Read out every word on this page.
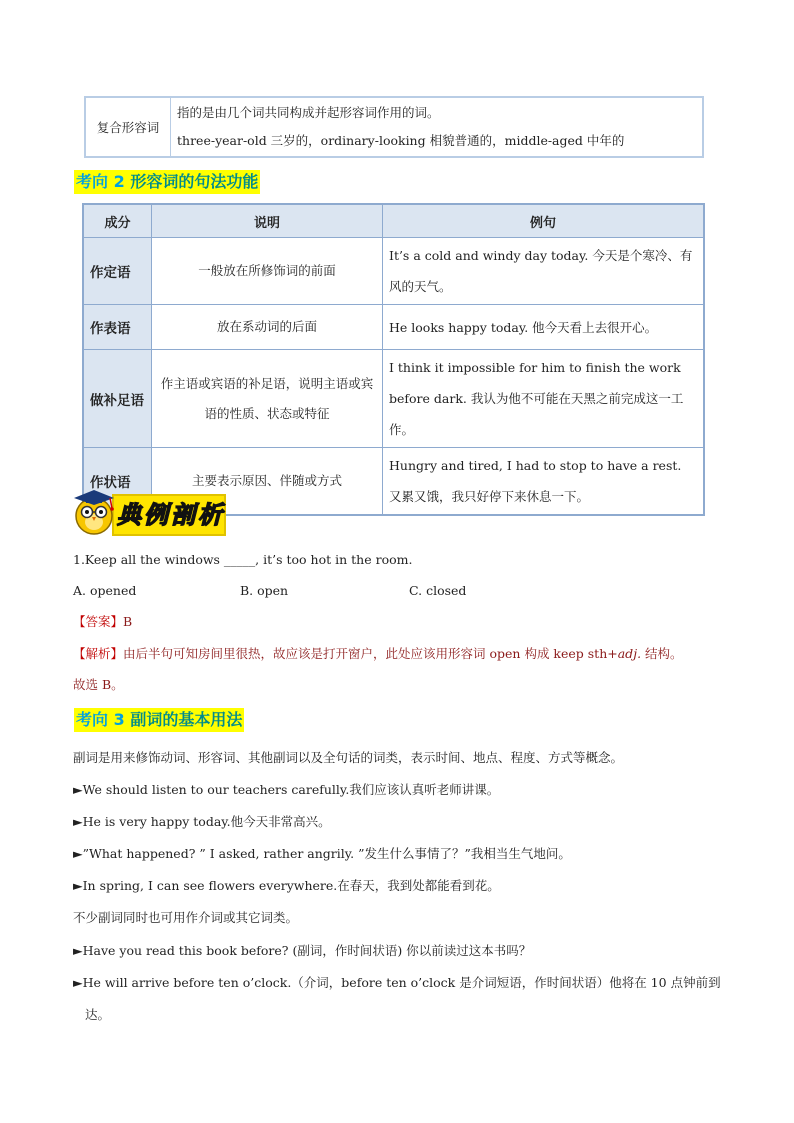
复合形容词	
指的是由几个词共同构成并起形容词作用的词。
three-year-old 三岁的，ordinary-looking 相貌普通的，middle-aged 中年的
考向 2 形容词的句法功能
成分	说明	例句
作定语	一般放在所修饰词的前面	It’s a cold and windy day today. 今天是个寒冷、有风的天气。
作表语	放在系动词的后面	He looks happy today. 他今天看上去很开心。
做补足语	作主语或宾语的补足语，说明主语或宾语的性质、状态或特征	I think it impossible for him to finish the work before dark. 我认为他不可能在天黑之前完成这一工作。
作状语	主要表示原因、伴随或方式	Hungry and tired, I had to stop to have a rest. 又累又饿，我只好停下来休息一下。
典例剖析
1.Keep all the windows _____, it’s too hot in the room.
A. opened	B. open	C. closed
【答案】B
【解析】由后半句可知房间里很热，故应该是打开窗户，此处应该用形容词 open 构成 keep sth+adj. 结构。
故选 B。
考向 3 副词的基本用法
副词是用来修饰动词、形容词、其他副词以及全句话的词类，表示时间、地点、程度、方式等概念。
►We should listen to our teachers carefully.我们应该认真听老师讲课。
►He is very happy today.他今天非常高兴。
►”What happened? ” I asked, rather angrily. ”发生什么事情了？”我相当生气地问。
►In spring, I can see flowers everywhere.在春天，我到处都能看到花。
不少副词同时也可用作介词或其它词类。
►Have you read this book before? (副词，作时间状语) 你以前读过这本书吗？
►He will arrive before ten o’clock.（介词，before ten o’clock 是介词短语，作时间状语）他将在 10 点钟前到
达。
